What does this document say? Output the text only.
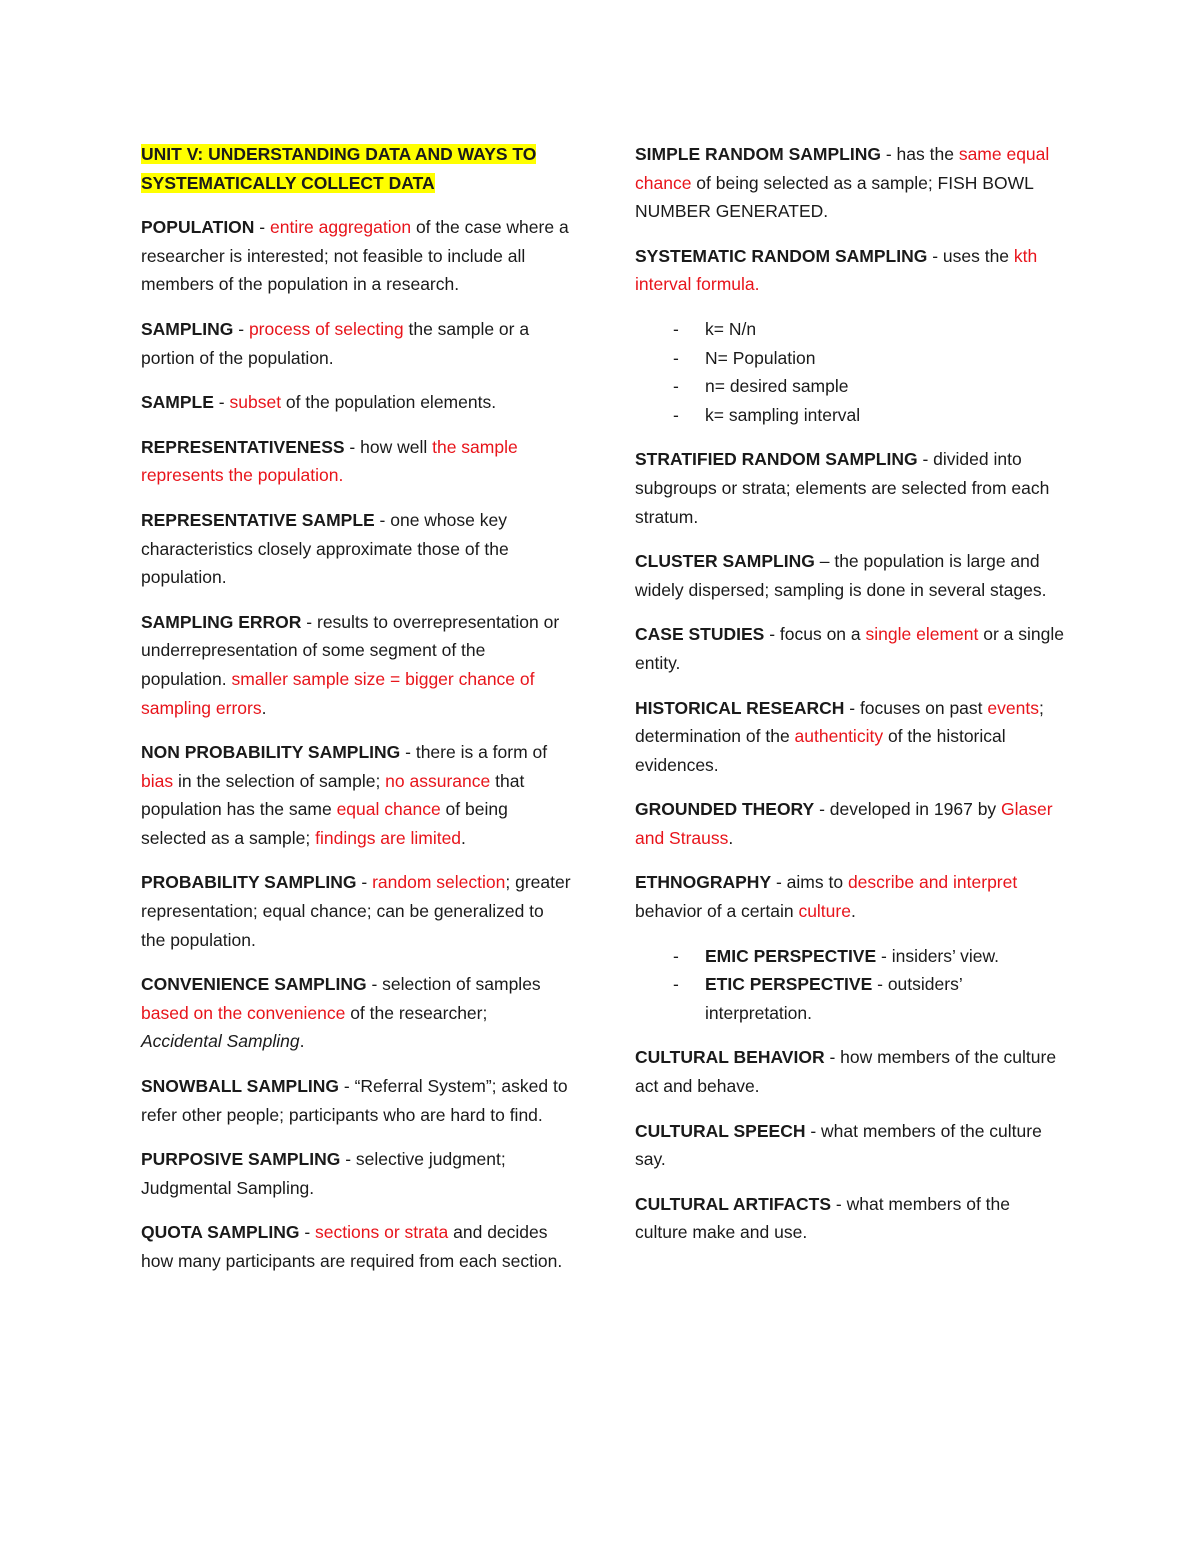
UNIT V: UNDERSTANDING DATA AND WAYS TO
SYSTEMATICALLY COLLECT DATA

POPULATION - entire aggregation of the case where a researcher is interested; not feasible to include all members of the population in a research.

SAMPLING - process of selecting the sample or a portion of the population.

SAMPLE - subset of the population elements.

REPRESENTATIVENESS - how well the sample represents the population.

REPRESENTATIVE SAMPLE - one whose key characteristics closely approximate those of the population.

SAMPLING ERROR - results to overrepresentation or underrepresentation of some segment of the population. smaller sample size = bigger chance of sampling errors.

NON PROBABILITY SAMPLING - there is a form of bias in the selection of sample; no assurance that population has the same equal chance of being selected as a sample; findings are limited.

PROBABILITY SAMPLING - random selection; greater representation; equal chance; can be generalized to the population.

CONVENIENCE SAMPLING - selection of samples based on the convenience of the researcher; Accidental Sampling.

SNOWBALL SAMPLING - “Referral System”; asked to refer other people; participants who are hard to find.

PURPOSIVE SAMPLING - selective judgment; Judgmental Sampling.

QUOTA SAMPLING - sections or strata and decides how many participants are required from each section.

SIMPLE RANDOM SAMPLING - has the same equal chance of being selected as a sample; FISH BOWL NUMBER GENERATED.

SYSTEMATIC RANDOM SAMPLING - uses the kth interval formula.

- k= N/n
- N= Population
- n= desired sample
- k= sampling interval

STRATIFIED RANDOM SAMPLING - divided into subgroups or strata; elements are selected from each stratum.

CLUSTER SAMPLING – the population is large and widely dispersed; sampling is done in several stages.

CASE STUDIES - focus on a single element or a single entity.

HISTORICAL RESEARCH - focuses on past events; determination of the authenticity of the historical evidences.

GROUNDED THEORY - developed in 1967 by Glaser and Strauss.

ETHNOGRAPHY - aims to describe and interpret behavior of a certain culture.

- EMIC PERSPECTIVE - insiders’ view.
- ETIC PERSPECTIVE - outsiders’ interpretation.

CULTURAL BEHAVIOR - how members of the culture act and behave.

CULTURAL SPEECH - what members of the culture say.

CULTURAL ARTIFACTS - what members of the culture make and use.
